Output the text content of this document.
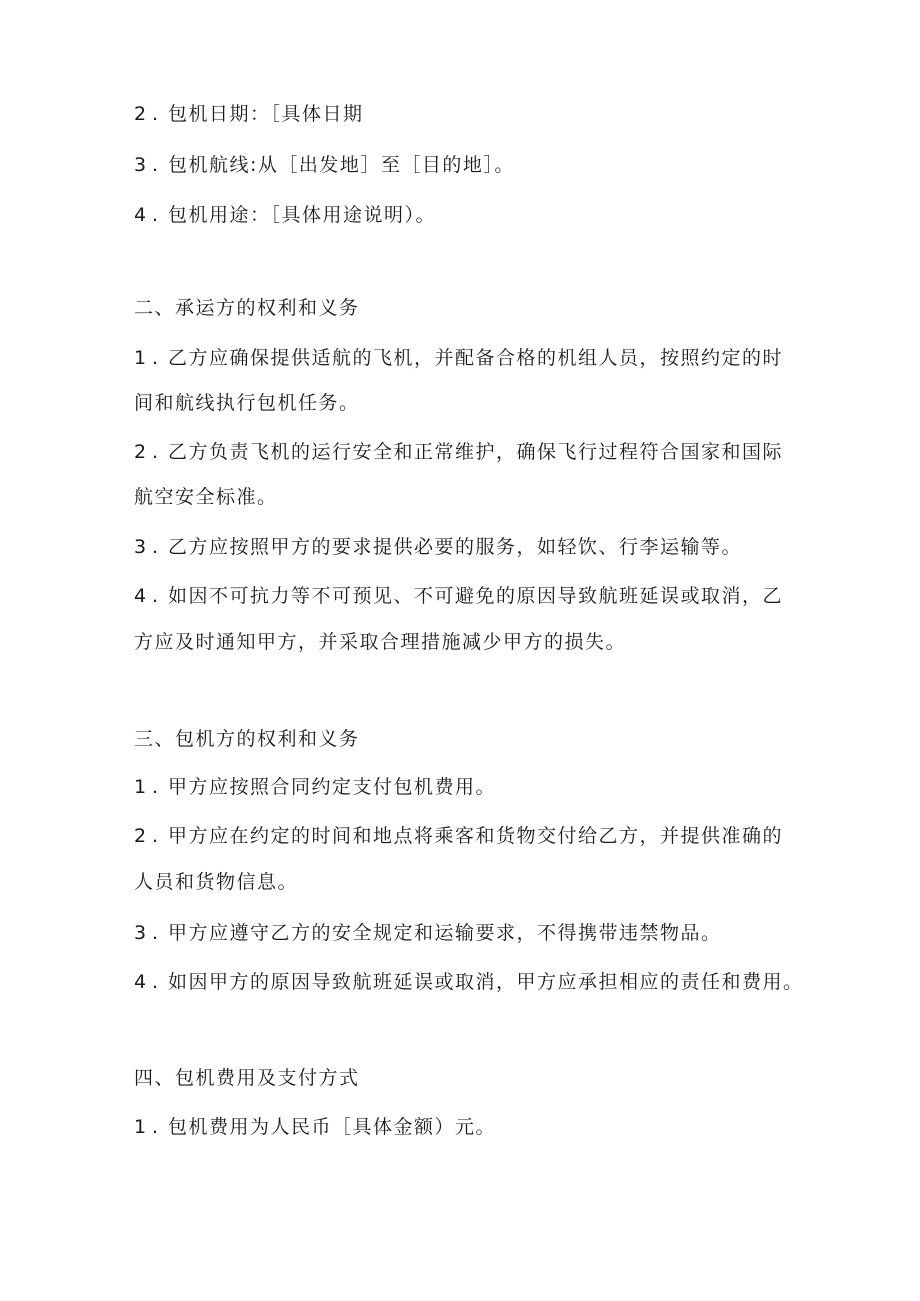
2 . 包机日期：［具体日期
3 . 包机航线:从［出发地］至［目的地］。
4 . 包机用途：［具体用途说明）。
二、承运方的权利和义务
1 . 乙方应确保提供适航的飞机，并配备合格的机组人员，按照约定的时
间和航线执行包机任务。
2 . 乙方负责飞机的运行安全和正常维护，确保飞行过程符合国家和国际
航空安全标准。
3 . 乙方应按照甲方的要求提供必要的服务，如轻饮、行李运输等。
4 . 如因不可抗力等不可预见、不可避免的原因导致航班延误或取消，乙
方应及时通知甲方，并采取合理措施减少甲方的损失。
三、包机方的权利和义务
1 . 甲方应按照合同约定支付包机费用。
2 . 甲方应在约定的时间和地点将乘客和货物交付给乙方，并提供准确的
人员和货物信息。
3 . 甲方应遵守乙方的安全规定和运输要求，不得携带违禁物品。
4 . 如因甲方的原因导致航班延误或取消，甲方应承担相应的责任和费用。
四、包机费用及支付方式
1 . 包机费用为人民币［具体金额）元。
